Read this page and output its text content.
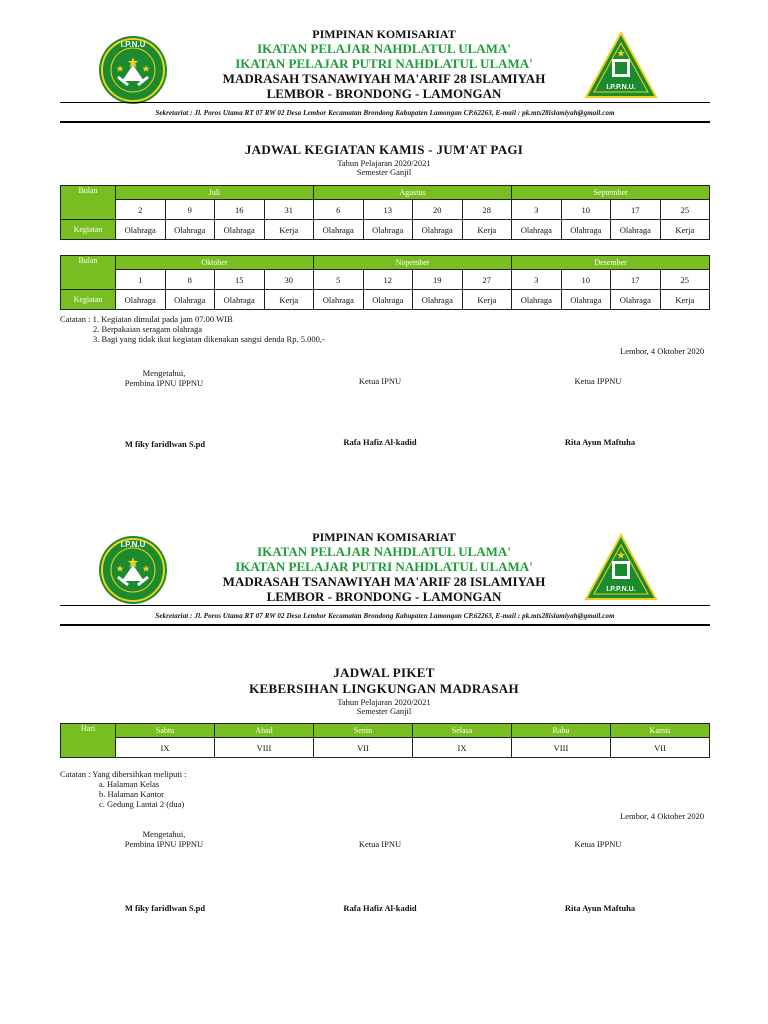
I.P.N.U
I.P.P.N.U.
PIMPINAN KOMISARIAT
IKATAN PELAJAR NAHDLATUL ULAMA'
IKATAN PELAJAR PUTRI NAHDLATUL ULAMA'
MADRASAH TSANAWIYAH MA'ARIF 28 ISLAMIYAH
LEMBOR - BRONDONG - LAMONGAN
Sekretariat : Jl. Poros Utama RT 07 RW 02 Desa Lembor Kecamatan Brondong Kabupaten Lamongan CP.62263, E-mail : pk.mts28islamiyah@gmail.com
JADWAL KEGIATAN KAMIS - JUM'AT PAGI
Tahun Pelajaran 2020/2021
Semester Ganjil
Bulan	Juli				Agustus				September			
	2	9	16	31	6	13	20	28	3	10	17	25
Kegiatan	Olahraga	Olahraga	Olahraga	Kerja	Olahraga	Olahraga	Olahraga	Kerja	Olahraga	Olahraga	Olahraga	Kerja
Bulan	Oktober				Nopember				Desember			
	1	8	15	30	5	12	19	27	3	10	17	25
Kegiatan	Olahraga	Olahraga	Olahraga	Kerja	Olahraga	Olahraga	Olahraga	Kerja	Olahraga	Olahraga	Olahraga	Kerja
Catatan : 1. Kegiatan dimulai pada jam 07.00 WIB
2. Berpakaian seragam olahraga
3. Bagi yang tidak ikut kegiatan dikenakan sangsi denda Rp. 5.000,-
Lembor, 4 Oktober 2020
Mengetahui,
Pembina IPNU IPPNU	Ketua IPNU	Ketua IPPNU
M fiky faridlwan S.pd	Rafa Hafiz Al-kadid	Rita Ayun Maftuha
I.P.N.U
I.P.P.N.U.
PIMPINAN KOMISARIAT
IKATAN PELAJAR NAHDLATUL ULAMA'
IKATAN PELAJAR PUTRI NAHDLATUL ULAMA'
MADRASAH TSANAWIYAH MA'ARIF 28 ISLAMIYAH
LEMBOR - BRONDONG - LAMONGAN
Sekretariat : Jl. Poros Utama RT 07 RW 02 Desa Lembor Kecamatan Brondong Kabupaten Lamongan CP.62263, E-mail : pk.mts28islamiyah@gmail.com
JADWAL PIKET
KEBERSIHAN LINGKUNGAN MADRASAH
Tahun Pelajaran 2020/2021
Semester Ganjil
Hari	Sabtu	Ahad	Senin	Selasa	Rabu	Kamis
	IX	VIII	VII	IX	VIII	VII
Catatan : Yang dibersihkan meliputi :
a. Halaman Kelas
b. Halaman Kantor
c. Gedung Lantai 2 (dua)
Lembor, 4 Oktober 2020
Mengetahui,
Pembina IPNU IPPNU	Ketua IPNU	Ketua IPPNU
M fiky faridlwan S.pd	Rafa Hafiz Al-kadid	Rita Ayun Maftuha
